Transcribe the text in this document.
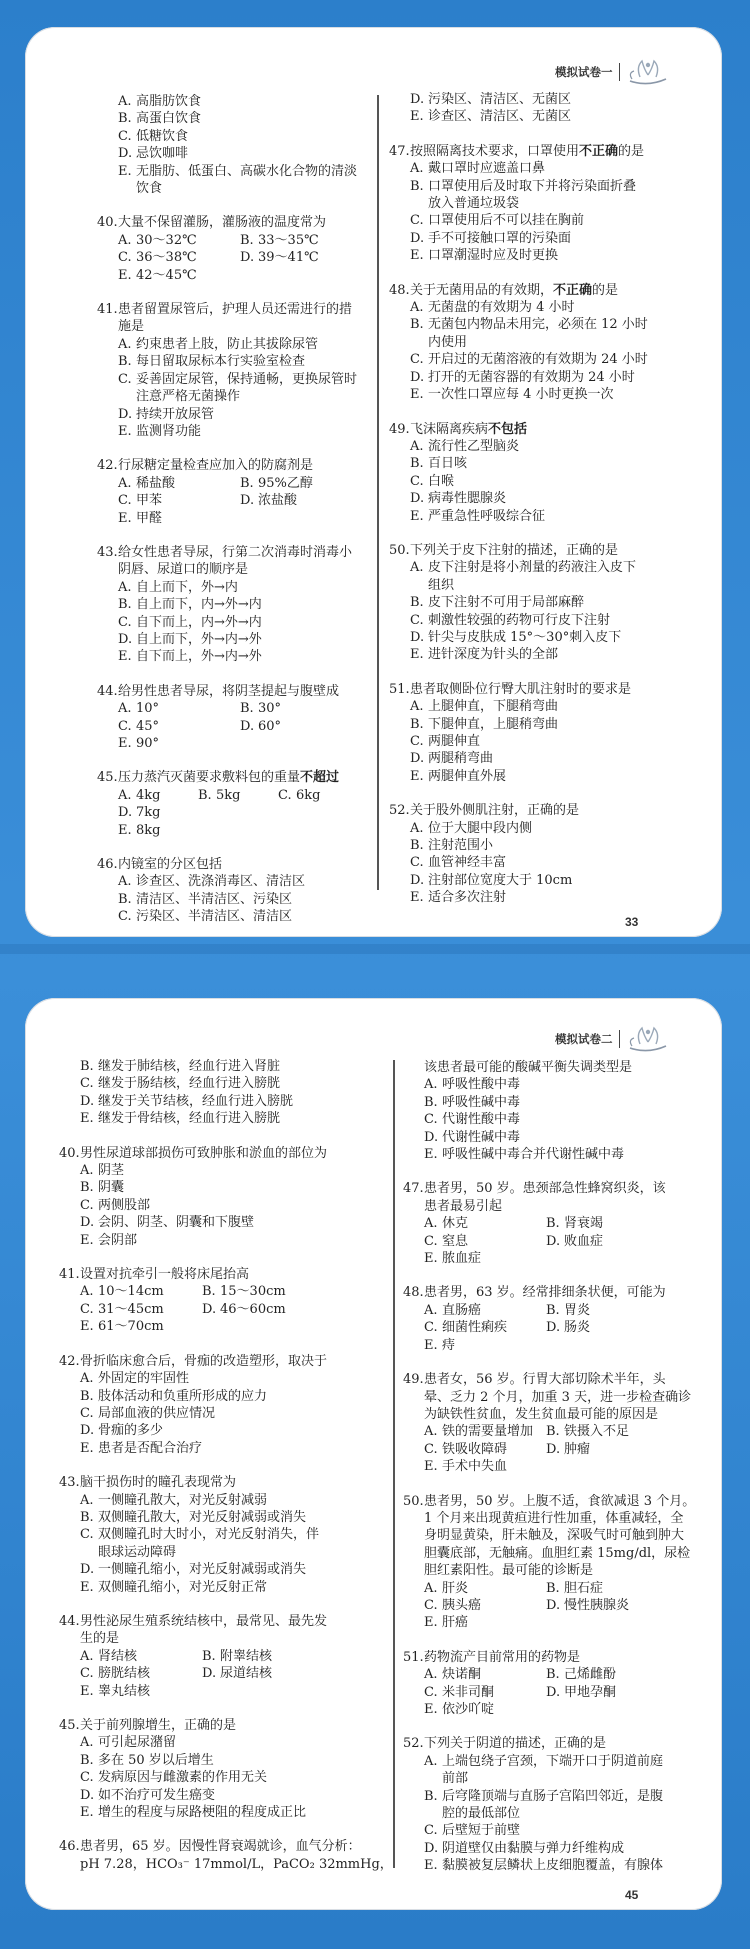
模拟试卷一
A. 高脂肪饮食
B. 高蛋白饮食
C. 低糖饮食
D. 忌饮咖啡
E. 无脂肪、低蛋白、高碳水化合物的清淡
饮食
40. 大量不保留灌肠，灌肠液的温度常为
A. 30～32℃	B. 33～35℃
C. 36～38℃	D. 39～41℃
E. 42～45℃
41. 患者留置尿管后，护理人员还需进行的措
施是
A. 约束患者上肢，防止其拔除尿管
B. 每日留取尿标本行实验室检查
C. 妥善固定尿管，保持通畅，更换尿管时
注意严格无菌操作
D. 持续开放尿管
E. 监测肾功能
42. 行尿糖定量检查应加入的防腐剂是
A. 稀盐酸	B. 95%乙醇
C. 甲苯	D. 浓盐酸
E. 甲醛
43. 给女性患者导尿，行第二次消毒时消毒小
阴唇、尿道口的顺序是
A. 自上而下，外→内
B. 自上而下，内→外→内
C. 自下而上，内→外→内
D. 自上而下，外→内→外
E. 自下而上，外→内→外
44. 给男性患者导尿，将阴茎提起与腹壁成
A. 10°	B. 30°
C. 45°	D. 60°
E. 90°
45. 压力蒸汽灭菌要求敷料包的重量不超过
A. 4kg	B. 5kg	C. 6kg
D. 7kg
E. 8kg
46. 内镜室的分区包括
A. 诊查区、洗涤消毒区、清洁区
B. 清洁区、半清洁区、污染区
C. 污染区、半清洁区、清洁区
D. 污染区、清洁区、无菌区
E. 诊查区、清洁区、无菌区
47. 按照隔离技术要求，口罩使用不正确的是
A. 戴口罩时应遮盖口鼻
B. 口罩使用后及时取下并将污染面折叠
放入普通垃圾袋
C. 口罩使用后不可以挂在胸前
D. 手不可接触口罩的污染面
E. 口罩潮湿时应及时更换
48. 关于无菌用品的有效期，不正确的是
A. 无菌盘的有效期为 4 小时
B. 无菌包内物品未用完，必须在 12 小时
内使用
C. 开启过的无菌溶液的有效期为 24 小时
D. 打开的无菌容器的有效期为 24 小时
E. 一次性口罩应每 4 小时更换一次
49. 飞沫隔离疾病不包括
A. 流行性乙型脑炎
B. 百日咳
C. 白喉
D. 病毒性腮腺炎
E. 严重急性呼吸综合征
50. 下列关于皮下注射的描述，正确的是
A. 皮下注射是将小剂量的药液注入皮下
组织
B. 皮下注射不可用于局部麻醉
C. 刺激性较强的药物可行皮下注射
D. 针尖与皮肤成 15°～30°刺入皮下
E. 进针深度为针头的全部
51. 患者取侧卧位行臀大肌注射时的要求是
A. 上腿伸直，下腿稍弯曲
B. 下腿伸直，上腿稍弯曲
C. 两腿伸直
D. 两腿稍弯曲
E. 两腿伸直外展
52. 关于股外侧肌注射，正确的是
A. 位于大腿中段内侧
B. 注射范围小
C. 血管神经丰富
D. 注射部位宽度大于 10cm
E. 适合多次注射
33
模拟试卷二
B. 继发于肺结核，经血行进入肾脏
C. 继发于肠结核，经血行进入膀胱
D. 继发于关节结核，经血行进入膀胱
E. 继发于骨结核，经血行进入膀胱
40. 男性尿道球部损伤可致肿胀和淤血的部位为
A. 阴茎
B. 阴囊
C. 两侧股部
D. 会阴、阴茎、阴囊和下腹壁
E. 会阴部
41. 设置对抗牵引一般将床尾抬高
A. 10～14cm	B. 15～30cm
C. 31～45cm	D. 46～60cm
E. 61～70cm
42. 骨折临床愈合后，骨痂的改造塑形，取决于
A. 外固定的牢固性
B. 肢体活动和负重所形成的应力
C. 局部血液的供应情况
D. 骨痂的多少
E. 患者是否配合治疗
43. 脑干损伤时的瞳孔表现常为
A. 一侧瞳孔散大，对光反射减弱
B. 双侧瞳孔散大，对光反射减弱或消失
C. 双侧瞳孔时大时小，对光反射消失，伴
眼球运动障碍
D. 一侧瞳孔缩小，对光反射减弱或消失
E. 双侧瞳孔缩小，对光反射正常
44. 男性泌尿生殖系统结核中，最常见、最先发
生的是
A. 肾结核	B. 附睾结核
C. 膀胱结核	D. 尿道结核
E. 睾丸结核
45. 关于前列腺增生，正确的是
A. 可引起尿潴留
B. 多在 50 岁以后增生
C. 发病原因与雌激素的作用无关
D. 如不治疗可发生癌变
E. 增生的程度与尿路梗阻的程度成正比
46. 患者男，65 岁。因慢性肾衰竭就诊，血气分析：
pH 7.28，HCO₃⁻ 17mmol/L，PaCO₂ 32mmHg，
该患者最可能的酸碱平衡失调类型是
A. 呼吸性酸中毒
B. 呼吸性碱中毒
C. 代谢性酸中毒
D. 代谢性碱中毒
E. 呼吸性碱中毒合并代谢性碱中毒
47. 患者男，50 岁。患颈部急性蜂窝织炎，该
患者最易引起
A. 休克	B. 肾衰竭
C. 窒息	D. 败血症
E. 脓血症
48. 患者男，63 岁。经常排细条状便，可能为
A. 直肠癌	B. 胃炎
C. 细菌性痢疾	D. 肠炎
E. 痔
49. 患者女，56 岁。行胃大部切除术半年，头
晕、乏力 2 个月，加重 3 天，进一步检查确诊
为缺铁性贫血，发生贫血最可能的原因是
A. 铁的需要量增加 B. 铁摄入不足
C. 铁吸收障碍	D. 肿瘤
E. 手术中失血
50. 患者男，50 岁。上腹不适，食欲减退 3 个月。
1 个月来出现黄疸进行性加重，体重减轻，全
身明显黄染，肝未触及，深吸气时可触到肿大
胆囊底部，无触痛。血胆红素 15mg/dl，尿检
胆红素阳性。最可能的诊断是
A. 肝炎	B. 胆石症
C. 胰头癌	D. 慢性胰腺炎
E. 肝癌
51. 药物流产目前常用的药物是
A. 炔诺酮	B. 己烯雌酚
C. 米非司酮	D. 甲地孕酮
E. 依沙吖啶
52. 下列关于阴道的描述，正确的是
A. 上端包绕子宫颈，下端开口于阴道前庭
前部
B. 后穹隆顶端与直肠子宫陷凹邻近，是腹
腔的最低部位
C. 后壁短于前壁
D. 阴道壁仅由黏膜与弹力纤维构成
E. 黏膜被复层鳞状上皮细胞覆盖，有腺体
45
